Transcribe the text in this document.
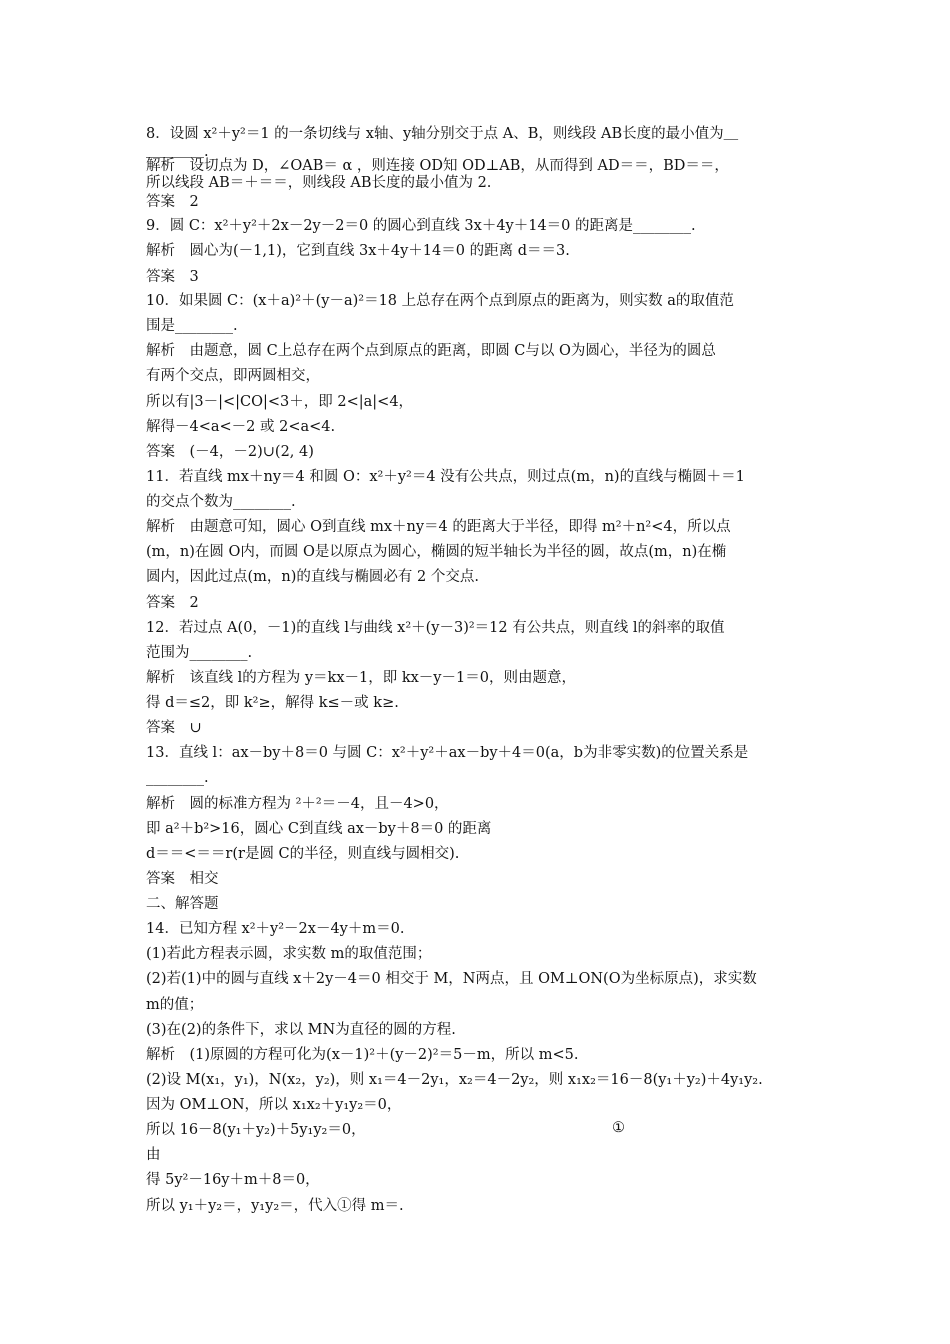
8．设圆 x²＋y²＝1 的一条切线与 x轴、y轴分别交于点 A、B，则线段 AB长度的最小值为＿
＿＿＿＿.
解析　设切点为 D，∠OAB＝ α ，则连接 OD知 OD⊥AB，从而得到 AD＝＝，BD＝＝，
所以线段 AB＝＋＝＝，则线段 AB长度的最小值为 2.
答案　2
9．圆 C：x²＋y²＋2x－2y－2＝0 的圆心到直线 3x＋4y＋14＝0 的距离是________.
解析　圆心为(－1,1)，它到直线 3x＋4y＋14＝0 的距离 d＝＝3.
答案　3
10．如果圆 C：(x＋a)²＋(y－a)²＝18 上总存在两个点到原点的距离为，则实数 a的取值范
围是________.
解析　由题意，圆 C上总存在两个点到原点的距离，即圆 C与以 O为圆心，半径为的圆总
有两个交点，即两圆相交，
所以有|3－|<|CO|<3＋，即 2<|a|<4，
解得－4<a<－2 或 2<a<4.
答案　(－4，－2)∪(2, 4)
11．若直线 mx＋ny＝4 和圆 O：x²＋y²＝4 没有公共点，则过点(m，n)的直线与椭圆＋＝1
的交点个数为________.
解析　由题意可知，圆心 O到直线 mx＋ny＝4 的距离大于半径，即得 m²＋n²<4，所以点
(m，n)在圆 O内，而圆 O是以原点为圆心，椭圆的短半轴长为半径的圆，故点(m，n)在椭
圆内，因此过点(m，n)的直线与椭圆必有 2 个交点.
答案　2
12．若过点 A(0，－1)的直线 l与曲线 x²＋(y－3)²＝12 有公共点，则直线 l的斜率的取值
范围为________.
解析　该直线 l的方程为 y＝kx－1，即 kx－y－1＝0，则由题意，
得 d＝≤2，即 k²≥，解得 k≤－或 k≥.
答案　∪
13．直线 l：ax－by＋8＝0 与圆 C：x²＋y²＋ax－by＋4＝0(a，b为非零实数)的位置关系是
________.
解析　圆的标准方程为 ²＋²＝－4，且－4>0，
即 a²＋b²>16，圆心 C到直线 ax－by＋8＝0 的距离
d＝＝<＝＝r(r是圆 C的半径，则直线与圆相交).
答案　相交
二、解答题
14．已知方程 x²＋y²－2x－4y＋m＝0.
(1)若此方程表示圆，求实数 m的取值范围；
(2)若(1)中的圆与直线 x＋2y－4＝0 相交于 M，N两点，且 OM⊥ON(O为坐标原点)，求实数
m的值；
(3)在(2)的条件下，求以 MN为直径的圆的方程.
解析　(1)原圆的方程可化为(x－1)²＋(y－2)²＝5－m，所以 m<5.
(2)设 M(x₁，y₁)，N(x₂，y₂)，则 x₁＝4－2y₁，x₂＝4－2y₂，则 x₁x₂＝16－8(y₁＋y₂)＋4y₁y₂.
因为 OM⊥ON，所以 x₁x₂＋y₁y₂＝0，
所以 16－8(y₁＋y₂)＋5y₁y₂＝0，	①
由
得 5y²－16y＋m＋8＝0，
所以 y₁＋y₂＝，y₁y₂＝，代入①得 m＝.
